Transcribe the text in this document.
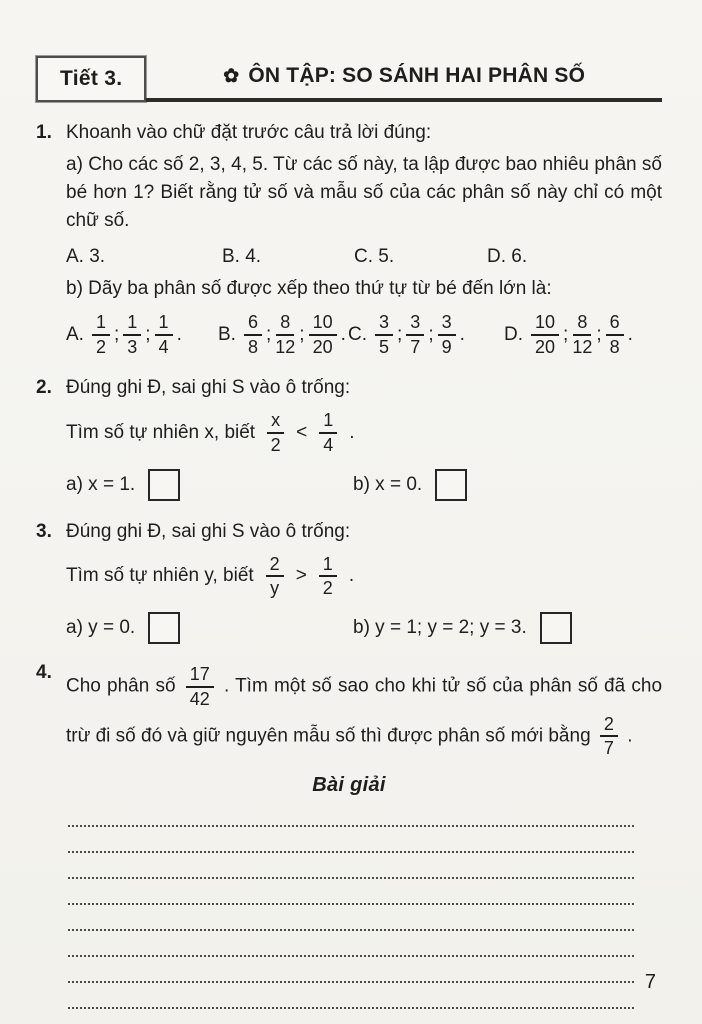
Tiết 3.	✿ ÔN TẬP: SO SÁNH HAI PHÂN SỐ
1. Khoanh vào chữ đặt trước câu trả lời đúng:

a) Cho các số 2, 3, 4, 5. Từ các số này, ta lập được bao nhiêu phân số bé hơn 1? Biết rằng tử số và mẫu số của các phân số này chỉ có một chữ số.

A. 3.	B. 4.	C. 5.	D. 6.

b) Dãy ba phân số được xếp theo thứ tự từ bé đến lớn là:

A. $\frac{1}{2}$ ; $\frac{1}{3}$ ; $\frac{1}{4}$ . B. $\frac{6}{8}$ ; $\frac{8}{12}$ ; $\frac{10}{20}$ . C. $\frac{3}{5}$ ; $\frac{3}{7}$ ; $\frac{3}{9}$ . D. $\frac{10}{20}$ ; $\frac{8}{12}$ ; $\frac{6}{8}$ .
2. Đúng ghi Đ, sai ghi S vào ô trống:
Tìm số tự nhiên x, biết $\frac{x}{2} < \frac{1}{4}$ .
a) x = 1.	b) x = 0.
3. Đúng ghi Đ, sai ghi S vào ô trống:
Tìm số tự nhiên y, biết $\frac{2}{y} > \frac{1}{2}$ .
a) y = 0.	b) y = 1; y = 2; y = 3.
4.
Cho phân số $\frac{17}{42}$ . Tìm một số sao cho khi tử số của phân số đã cho trừ đi số đó và giữ nguyên mẫu số thì được phân số mới bằng $\frac{2}{7}$ .
Bài giải
7
